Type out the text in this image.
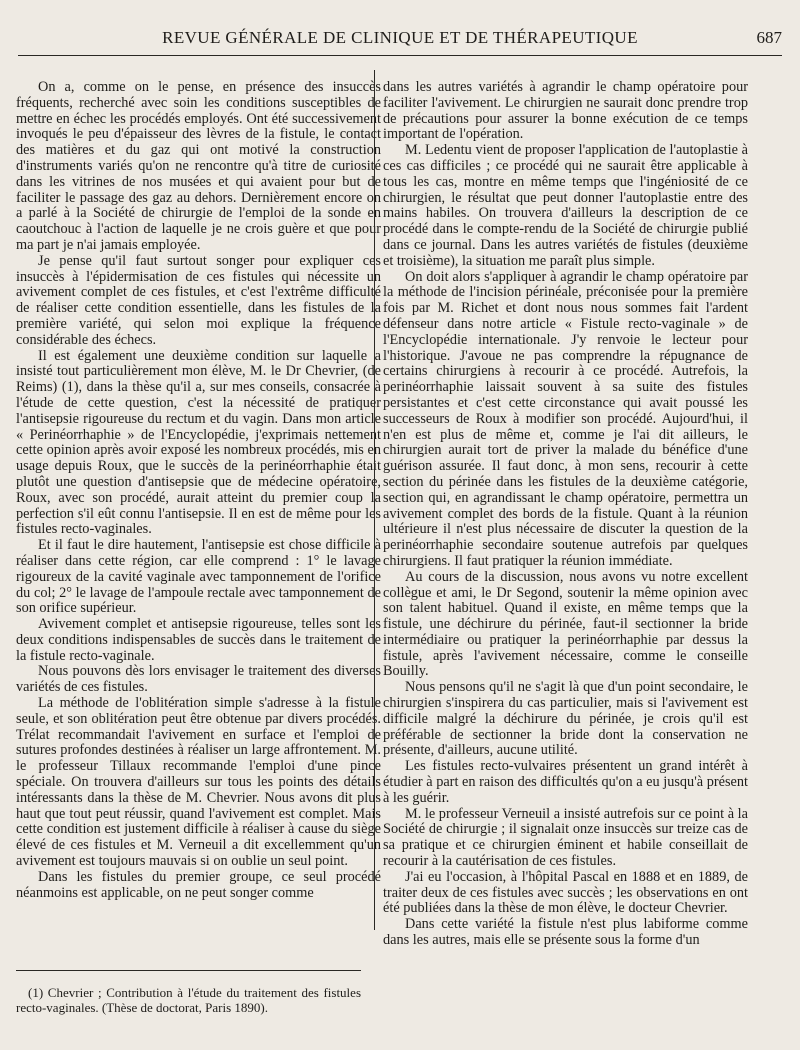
REVUE GÉNÉRALE DE CLINIQUE ET DE THÉRAPEUTIQUE	687

On a, comme on le pense, en présence des insuccès fréquents, recherché avec soin les conditions susceptibles de mettre en échec les procédés employés. Ont été successivement invoqués le peu d'épaisseur des lèvres de la fistule, le contact des matières et du gaz qui ont motivé la construction d'instruments variés qu'on ne rencontre qu'à titre de curiosité dans les vitrines de nos musées et qui avaient pour but de faciliter le passage des gaz au dehors. Dernièrement encore on a parlé à la Société de chirurgie de l'emploi de la sonde en caoutchouc à l'action de laquelle je ne crois guère et que pour ma part je n'ai jamais employée.

Je pense qu'il faut surtout songer pour expliquer ces insuccès à l'épidermisation de ces fistules qui nécessite un avivement complet de ces fistules, et c'est l'extrême difficulté de réaliser cette condition essentielle, dans les fistules de la première variété, qui selon moi explique la fréquence considérable des échecs.

Il est également une deuxième condition sur laquelle a insisté tout particulièrement mon élève, M. le Dr Chevrier, (de Reims) (1), dans la thèse qu'il a, sur mes conseils, consacrée à l'étude de cette question, c'est la nécessité de pratiquer l'antisepsie rigoureuse du rectum et du vagin. Dans mon article « Perinéorrhaphie » de l'Encyclopédie, j'exprimais nettement cette opinion après avoir exposé les nombreux procédés, mis en usage depuis Roux, que le succès de la perinéorrhaphie était plutôt une question d'antisepsie que de médecine opératoire, Roux, avec son procédé, aurait atteint du premier coup la perfection s'il eût connu l'antisepsie. Il en est de même pour les fistules recto-vaginales.

Et il faut le dire hautement, l'antisepsie est chose difficile à réaliser dans cette région, car elle comprend : 1° le lavage rigoureux de la cavité vaginale avec tamponnement de l'orifice du col; 2° le lavage de l'ampoule rectale avec tamponnement de son orifice supérieur.

Avivement complet et antisepsie rigoureuse, telles sont les deux conditions indispensables de succès dans le traitement de la fistule recto-vaginale.

Nous pouvons dès lors envisager le traitement des diverses variétés de ces fistules.

La méthode de l'oblitération simple s'adresse à la fistule seule, et son oblitération peut être obtenue par divers procédés. Trélat recommandait l'avivement en surface et l'emploi de sutures profondes destinées à réaliser un large affrontement. M. le professeur Tillaux recommande l'emploi d'une pince spéciale. On trouvera d'ailleurs sur tous les points des détails intéressants dans la thèse de M. Chevrier. Nous avons dit plus haut que tout peut réussir, quand l'avivement est complet. Mais cette condition est justement difficile à réaliser à cause du siège élevé de ces fistules et M. Verneuil a dit excellemment qu'un avivement est toujours mauvais si on oublie un seul point.

Dans les fistules du premier groupe, ce seul procédé néanmoins est applicable, on ne peut songer comme

dans les autres variétés à agrandir le champ opératoire pour faciliter l'avivement. Le chirurgien ne saurait donc prendre trop de précautions pour assurer la bonne exécution de ce temps important de l'opération.

M. Ledentu vient de proposer l'application de l'autoplastie à ces cas difficiles ; ce procédé qui ne saurait être applicable à tous les cas, montre en même temps que l'ingéniosité de ce chirurgien, le résultat que peut donner l'autoplastie entre des mains habiles. On trouvera d'ailleurs la description de ce procédé dans le compte-rendu de la Société de chirurgie publié dans ce journal. Dans les autres variétés de fistules (deuxième et troisième), la situation me paraît plus simple.

On doit alors s'appliquer à agrandir le champ opératoire par la méthode de l'incision périnéale, préconisée pour la première fois par M. Richet et dont nous nous sommes fait l'ardent défenseur dans notre article « Fistule recto-vaginale » de l'Encyclopédie internationale. J'y renvoie le lecteur pour l'historique. J'avoue ne pas comprendre la répugnance de certains chirurgiens à recourir à ce procédé. Autrefois, la perinéorrhaphie laissait souvent à sa suite des fistules persistantes et c'est cette circonstance qui avait poussé les successeurs de Roux à modifier son procédé. Aujourd'hui, il n'en est plus de même et, comme je l'ai dit ailleurs, le chirurgien aurait tort de priver la malade du bénéfice d'une guérison assurée. Il faut donc, à mon sens, recourir à cette section du périnée dans les fistules de la deuxième catégorie, section qui, en agrandissant le champ opératoire, permettra un avivement complet des bords de la fistule. Quant à la réunion ultérieure il n'est plus nécessaire de discuter la question de la perinéorrhaphie secondaire soutenue autrefois par quelques chirurgiens. Il faut pratiquer la réunion immédiate.

Au cours de la discussion, nous avons vu notre excellent collègue et ami, le Dr Segond, soutenir la même opinion avec son talent habituel. Quand il existe, en même temps que la fistule, une déchirure du périnée, faut-il sectionner la bride intermédiaire ou pratiquer la perinéorrhaphie par dessus la fistule, après l'avivement nécessaire, comme le conseille Bouilly.

Nous pensons qu'il ne s'agit là que d'un point secondaire, le chirurgien s'inspirera du cas particulier, mais si l'avivement est difficile malgré la déchirure du périnée, je crois qu'il est préférable de sectionner la bride dont la conservation ne présente, d'ailleurs, aucune utilité.

Les fistules recto-vulvaires présentent un grand intérêt à étudier à part en raison des difficultés qu'on a eu jusqu'à présent à les guérir.

M. le professeur Verneuil a insisté autrefois sur ce point à la Société de chirurgie ; il signalait onze insuccès sur treize cas de sa pratique et ce chirurgien éminent et habile conseillait de recourir à la cautérisation de ces fistules.

J'ai eu l'occasion, à l'hôpital Pascal en 1888 et en 1889, de traiter deux de ces fistules avec succès ; les observations en ont été publiées dans la thèse de mon élève, le docteur Chevrier.

Dans cette variété la fistule n'est plus labiforme comme dans les autres, mais elle se présente sous la forme d'un

(1) Chevrier ; Contribution à l'étude du traitement des fistules recto-vaginales. (Thèse de doctorat, Paris 1890).
